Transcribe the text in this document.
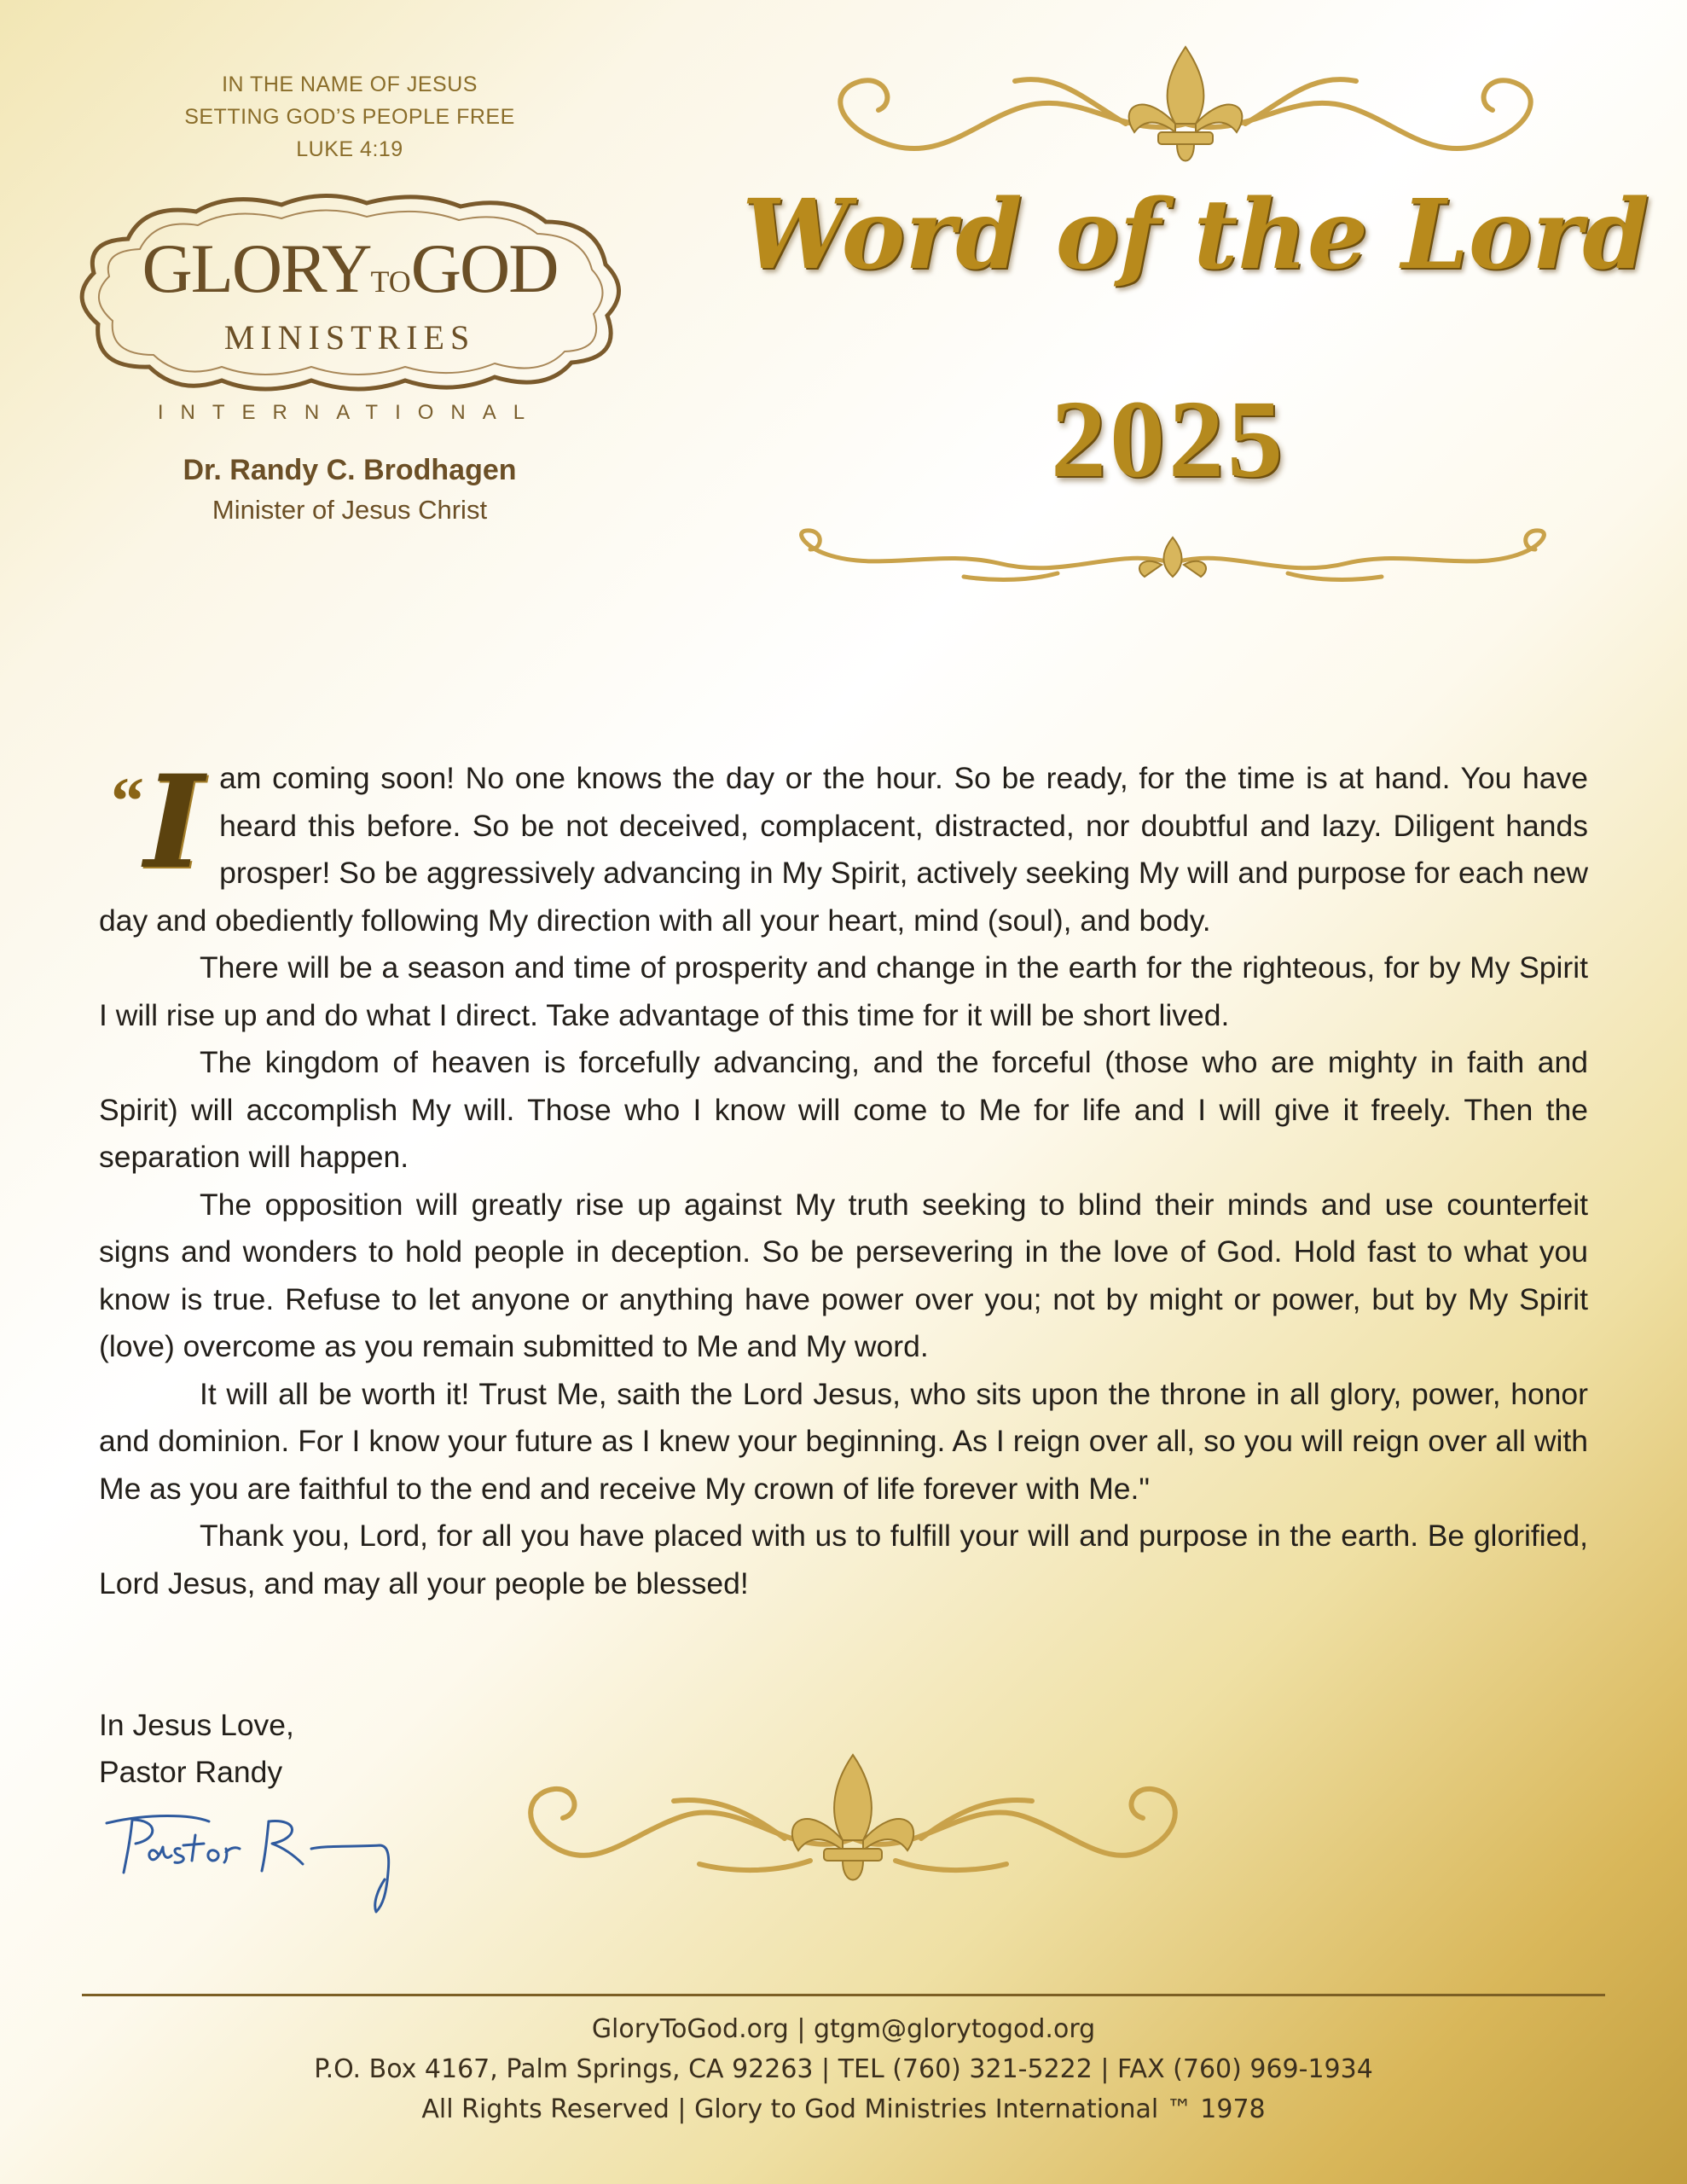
IN THE NAME OF JESUS
SETTING GOD’S PEOPLE FREE
LUKE 4:19
GLORYTOGOD
MINISTRIES
INTERNATIONAL
Dr. Randy C. Brodhagen
Minister of Jesus Christ
Word of the Lord
2025
“ I am coming soon! No one knows the day or the hour. So be ready, for the time is at hand. You have heard this before. So be not deceived, complacent, distracted, nor doubtful and lazy. Diligent hands prosper! So be aggressively advancing in My Spirit, actively seeking My will and purpose for each new day and obediently following My direction with all your heart, mind (soul), and body.

There will be a season and time of prosperity and change in the earth for the righteous, for by My Spirit I will rise up and do what I direct. Take advantage of this time for it will be short lived.

The kingdom of heaven is forcefully advancing, and the forceful (those who are mighty in faith and Spirit) will accomplish My will. Those who I know will come to Me for life and I will give it freely. Then the separation will happen.

The opposition will greatly rise up against My truth seeking to blind their minds and use counterfeit signs and wonders to hold people in deception. So be persevering in the love of God. Hold fast to what you know is true. Refuse to let anyone or anything have power over you; not by might or power, but by My Spirit (love) overcome as you remain submitted to Me and My word.

It will all be worth it! Trust Me, saith the Lord Jesus, who sits upon the throne in all glory, power, honor and dominion. For I know your future as I knew your beginning. As I reign over all, so you will reign over all with Me as you are faithful to the end and receive My crown of life forever with Me."

Thank you, Lord, for all you have placed with us to fulfill your will and purpose in the earth. Be glorified, Lord Jesus, and may all your people be blessed!

In Jesus Love,
Pastor Randy
GloryToGod.org | gtgm@glorytogod.org
P.O. Box 4167, Palm Springs, CA 92263 | TEL (760) 321-5222 | FAX (760) 969-1934
All Rights Reserved | Glory to God Ministries International ™ 1978
